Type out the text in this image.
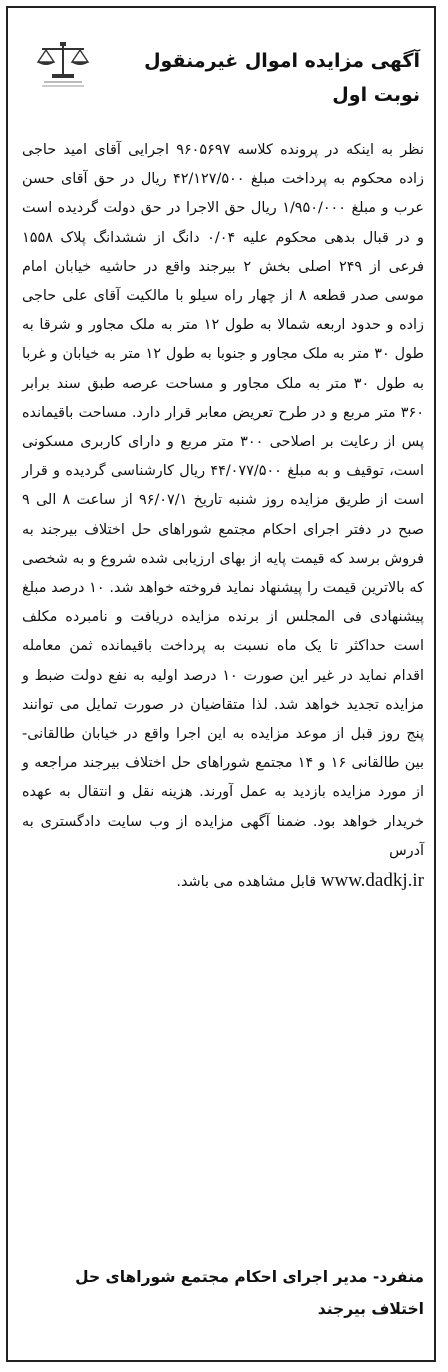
آگهی مزایده اموال غیرمنقول
نوبت اول

نظر به اینکه در پرونده کلاسه ۹۶۰۵۶۹۷ اجرایی آقای امید حاجی زاده محکوم به پرداخت مبلغ ۴۲/۱۲۷/۵۰۰ ریال در حق آقای حسن عرب و مبلغ ۱/۹۵۰/۰۰۰ ریال حق الاجرا در حق دولت گردیده است و در قبال بدهی محکوم علیه ۰/۰۴ دانگ از ششدانگ پلاک ۱۵۵۸ فرعی از ۲۴۹ اصلی بخش ۲ بیرجند واقع در حاشیه خیابان امام موسی صدر قطعه ۸ از چهار راه سیلو با مالکیت آقای علی حاجی زاده و حدود اربعه شمالا به طول ۱۲ متر به ملک مجاور و شرقا به طول ۳۰ متر به ملک مجاور و جنوبا به طول ۱۲ متر به خیابان و غربا به طول ۳۰ متر به ملک مجاور و مساحت عرصه طبق سند برابر ۳۶۰ متر مربع و در طرح تعریض معابر قرار دارد. مساحت باقیمانده پس از رعایت بر اصلاحی ۳۰۰ متر مربع و دارای کاربری مسکونی است، توقیف و به مبلغ ۴۴/۰۷۷/۵۰۰ ریال کارشناسی گردیده و قرار است از طریق مزایده روز شنبه تاریخ ۹۶/۰۷/۱ از ساعت ۸ الی ۹ صبح در دفتر اجرای احکام مجتمع شوراهای حل اختلاف بیرجند به فروش برسد که قیمت پایه از بهای ارزیابی شده شروع و به شخصی که بالاترین قیمت را پیشنهاد نماید فروخته خواهد شد. ۱۰ درصد مبلغ پیشنهادی فی المجلس از برنده مزایده دریافت و نامبرده مکلف است حداکثر تا یک ماه نسبت به پرداخت باقیمانده ثمن معامله اقدام نماید در غیر این صورت ۱۰ درصد اولیه به نفع دولت ضبط و مزایده تجدید خواهد شد. لذا متقاضیان در صورت تمایل می توانند پنج روز قبل از موعد مزایده به این اجرا واقع در خیابان طالقانی- بین طالقانی ۱۶ و ۱۴ مجتمع شوراهای حل اختلاف بیرجند مراجعه و از مورد مزایده بازدید به عمل آورند. هزینه نقل و انتقال به عهده خریدار خواهد بود. ضمنا آگهی مزایده از وب سایت دادگستری به آدرس
www.dadkj.ir قابل مشاهده می باشد.

منفرد- مدیر اجرای احکام مجتمع شوراهای حل
اختلاف بیرجند
